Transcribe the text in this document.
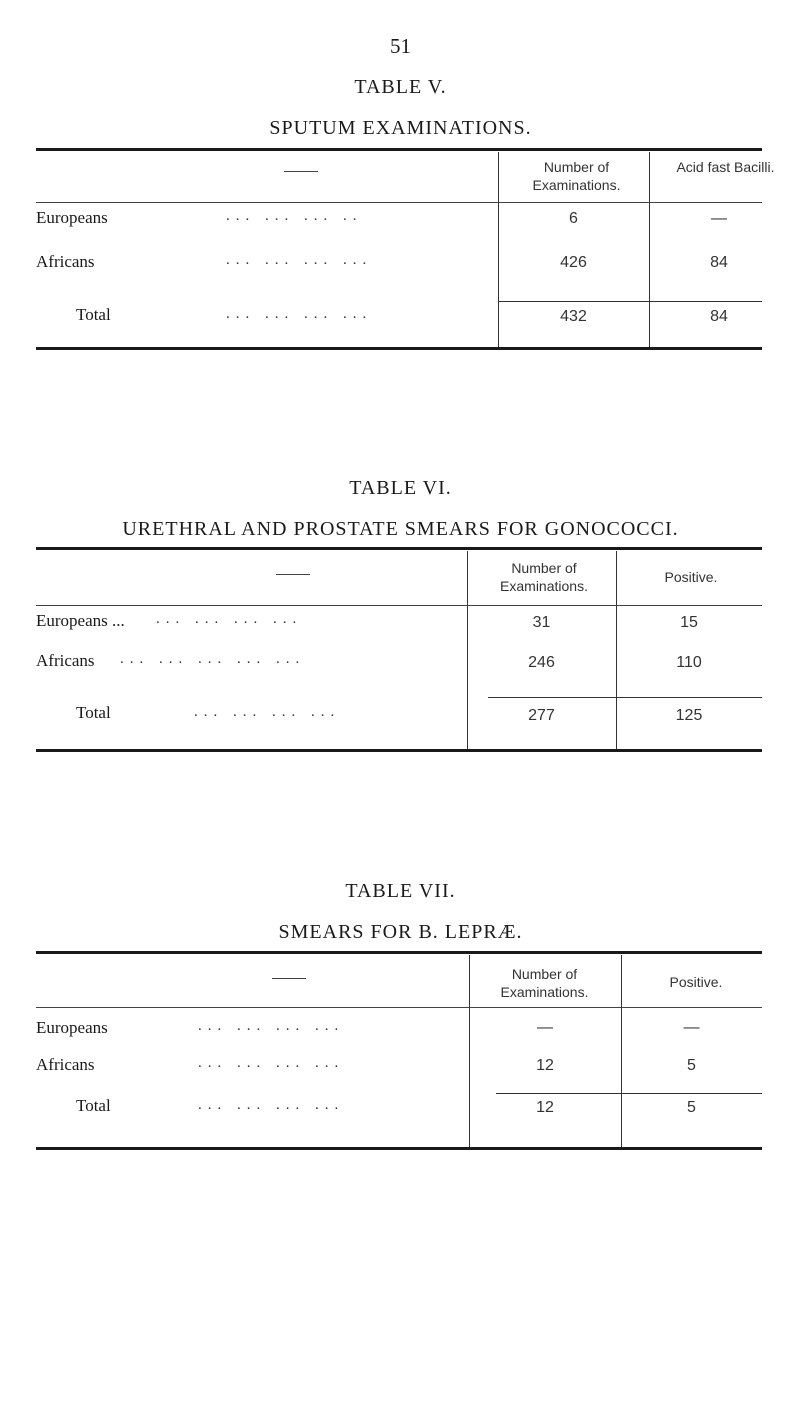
51
TABLE V.
SPUTUM EXAMINATIONS.
Number of Examinations.
Acid fast Bacilli.
Europeans	... ... ... ..	6	—
Africans	... ... ... ...	426	84
Total	... ... ... ...	432	84
TABLE VI.
URETHRAL AND PROSTATE SMEARS FOR GONOCOCCI.
Number of Examinations.
Positive.
Europeans ... ... ... ... ...	31	15
Africans ... ... ... ... ...	246	110
Total	... ... ... ...	277	125
TABLE VII.
SMEARS FOR B. LEPRÆ.
Number of Examinations.
Positive.
Europeans	... ... ... ...	—	—
Africans	... ... ... ...	12	5
Total	... ... ... ...	12	5
